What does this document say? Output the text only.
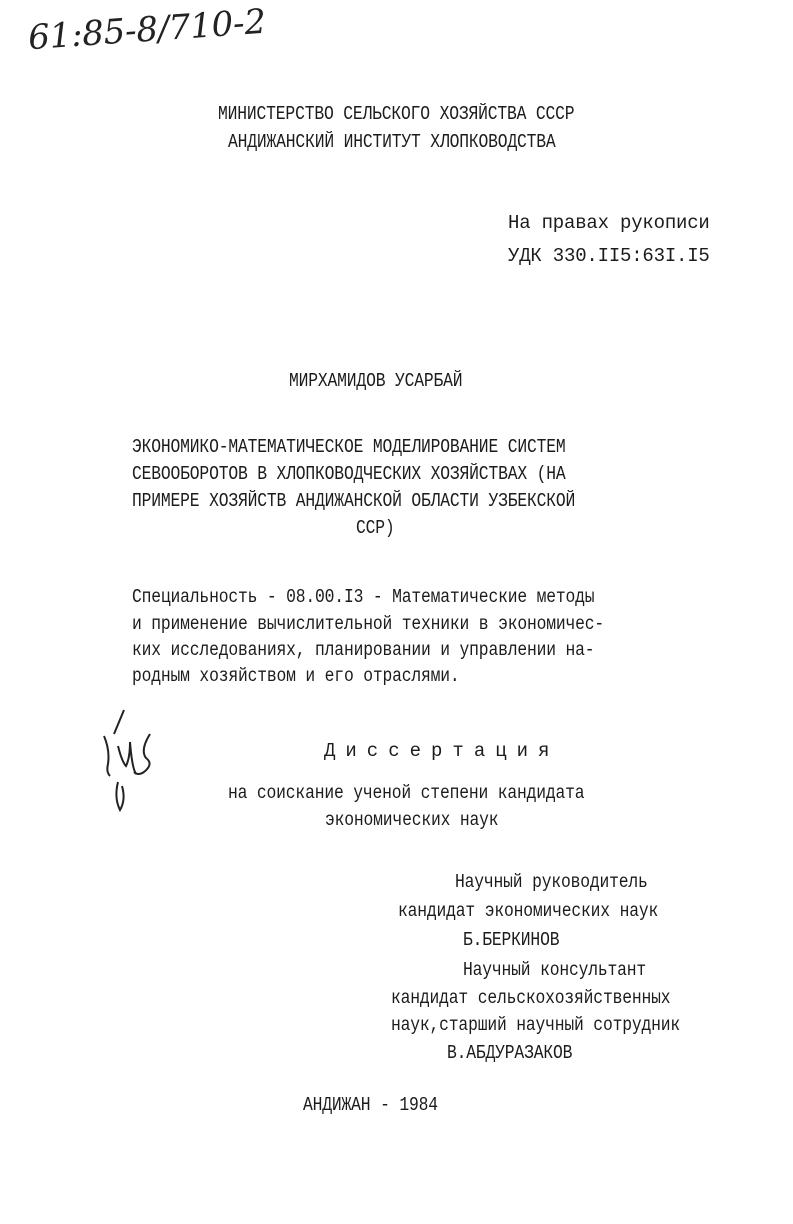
61:85-8/710-2
МИНИСТЕРСТВО СЕЛЬСКОГО ХОЗЯЙСТВА СССР
АНДИЖАНСКИЙ ИНСТИТУТ ХЛОПКОВОДСТВА
На правах рукописи
УДК 330.II5:63I.I5
МИРХАМИДОВ УСАРБАЙ
ЭКОНОМИКО-МАТЕМАТИЧЕСКОЕ МОДЕЛИРОВАНИЕ СИСТЕМ
СЕВООБОРОТОВ В ХЛОПКОВОДЧЕСКИХ ХОЗЯЙСТВАХ (НА
ПРИМЕРЕ ХОЗЯЙСТВ АНДИЖАНСКОЙ ОБЛАСТИ УЗБЕКСКОЙ
ССР)
Специальность - 08.00.I3 - Математические методы
и применение вычислительной техники в экономичес-
ких исследованиях, планировании и управлении на-
родным хозяйством и его отраслями.
Диссертация
на соискание ученой степени кандидата
экономических наук
Научный руководитель
кандидат экономических наук
Б.БЕРКИНОВ
Научный консультант
кандидат сельскохозяйственных
наук,старший научный сотрудник
В.АБДУРАЗАКОВ
АНДИЖАН - 1984
